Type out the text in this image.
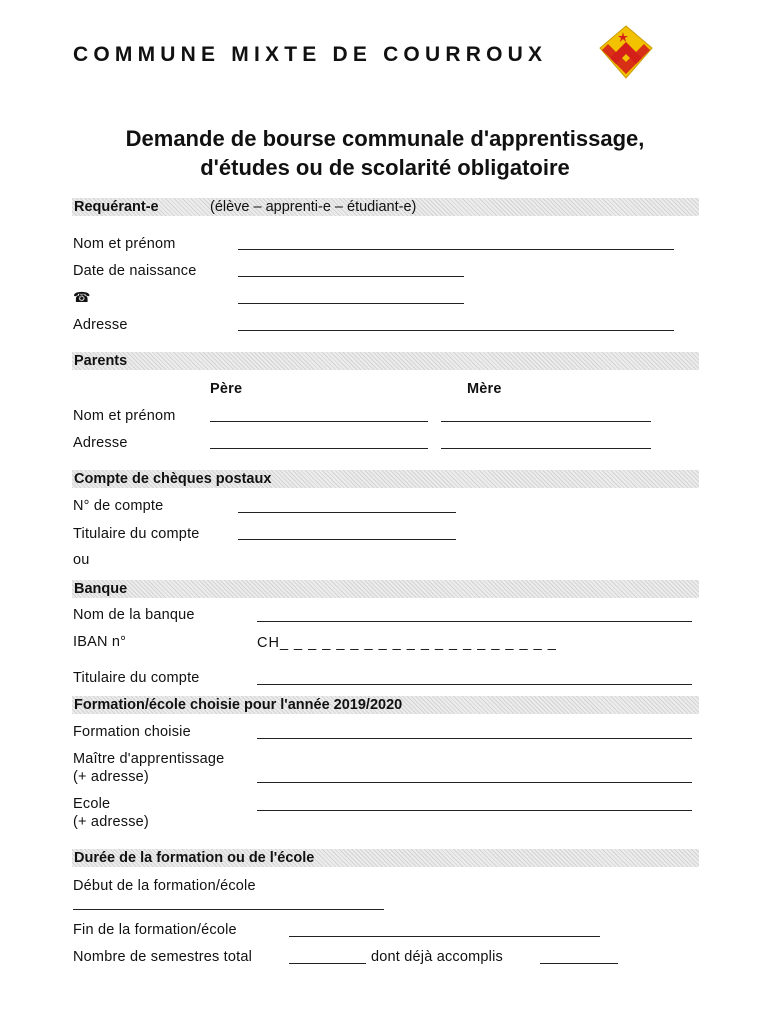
COMMUNE MIXTE DE COURROUX
Demande de bourse communale d'apprentissage,
d'études ou de scolarité obligatoire
Requérant-e	(élève – apprenti-e – étudiant-e)
Nom et prénom
Date de naissance
☎
Adresse
Parents
Père	Mère
Nom et prénom
Adresse
Compte de chèques postaux
N° de compte
Titulaire du compte
ou
Banque
Nom de la banque
IBAN n°	CH_ _ _ _ _ _ _ _ _ _ _ _ _ _ _ _ _ _ _ _
Titulaire du compte
Formation/école choisie pour l'année 2019/2020
Formation choisie
Maître d'apprentissage
(+ adresse)
Ecole
(+ adresse)
Durée de la formation ou de l'école
Début de la formation/école
Fin de la formation/école
Nombre de semestres total	dont déjà accomplis
